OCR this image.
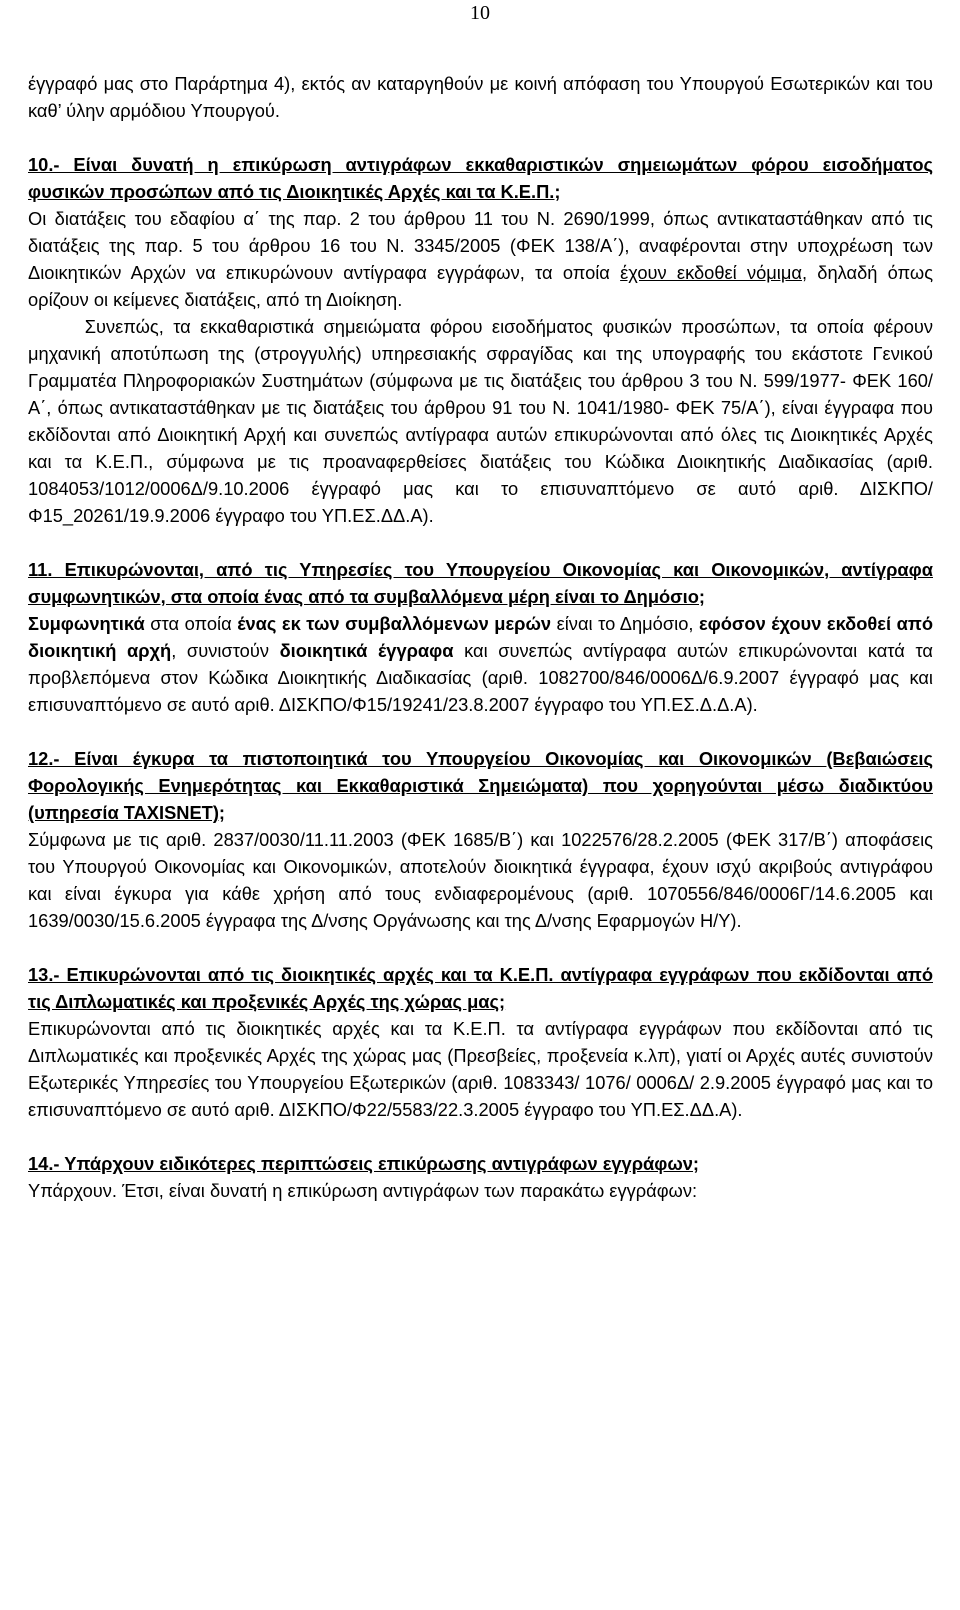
10

έγγραφό μας στο Παράρτημα 4), εκτός αν καταργηθούν με κοινή απόφαση του Υπουργού Εσωτερικών και του καθ’ ύλην αρμόδιου Υπουργού.

10.- Είναι δυνατή η επικύρωση αντιγράφων εκκαθαριστικών σημειωμάτων φόρου εισοδήματος φυσικών προσώπων από τις Διοικητικές Αρχές και τα Κ.Ε.Π.;

Οι διατάξεις του εδαφίου α΄ της παρ. 2 του άρθρου 11 του Ν. 2690/1999, όπως αντικαταστάθηκαν από τις διατάξεις της παρ. 5 του άρθρου 16 του Ν. 3345/2005 (ΦΕΚ 138/Α΄), αναφέρονται στην υποχρέωση των Διοικητικών Αρχών να επικυρώνουν αντίγραφα εγγράφων, τα οποία έχουν εκδοθεί νόμιμα, δηλαδή όπως ορίζουν οι κείμενες διατάξεις, από τη Διοίκηση.

Συνεπώς, τα εκκαθαριστικά σημειώματα φόρου εισοδήματος φυσικών προσώπων, τα οποία φέρουν μηχανική αποτύπωση της (στρογγυλής) υπηρεσιακής σφραγίδας και της υπογραφής του εκάστοτε Γενικού Γραμματέα Πληροφοριακών Συστημάτων (σύμφωνα με τις διατάξεις του άρθρου 3 του Ν. 599/1977- ΦΕΚ 160/Α΄, όπως αντικαταστάθηκαν με τις διατάξεις του άρθρου 91 του Ν. 1041/1980- ΦΕΚ 75/Α΄), είναι έγγραφα που εκδίδονται από Διοικητική Αρχή και συνεπώς αντίγραφα αυτών επικυρώνονται από όλες τις Διοικητικές Αρχές και τα Κ.Ε.Π., σύμφωνα με τις προαναφερθείσες διατάξεις του Κώδικα Διοικητικής Διαδικασίας (αριθ. 1084053/1012/0006Δ/9.10.2006 έγγραφό μας και το επισυναπτόμενο σε αυτό αριθ. ΔΙΣΚΠΟ/Φ15_20261/19.9.2006 έγγραφο του ΥΠ.ΕΣ.ΔΔ.Α).

11. Επικυρώνονται, από τις Υπηρεσίες του Υπουργείου Οικονομίας και Οικονομικών, αντίγραφα συμφωνητικών, στα οποία ένας από τα συμβαλλόμενα μέρη είναι το Δημόσιο;

Συμφωνητικά στα οποία ένας εκ των συμβαλλόμενων μερών είναι το Δημόσιο, εφόσον έχουν εκδοθεί από διοικητική αρχή, συνιστούν διοικητικά έγγραφα και συνεπώς αντίγραφα αυτών επικυρώνονται κατά τα προβλεπόμενα στον Κώδικα Διοικητικής Διαδικασίας (αριθ. 1082700/846/0006Δ/6.9.2007 έγγραφό μας και επισυναπτόμενο σε αυτό αριθ. ΔΙΣΚΠΟ/Φ15/19241/23.8.2007 έγγραφο του ΥΠ.ΕΣ.Δ.Δ.Α).

12.- Είναι έγκυρα τα πιστοποιητικά του Υπουργείου Οικονομίας και Οικονομικών (Βεβαιώσεις Φορολογικής Ενημερότητας και Εκκαθαριστικά Σημειώματα) που χορηγούνται μέσω διαδικτύου (υπηρεσία TAXISNET);

Σύμφωνα με τις αριθ. 2837/0030/11.11.2003 (ΦΕΚ 1685/Β΄) και 1022576/28.2.2005 (ΦΕΚ 317/Β΄) αποφάσεις του Υπουργού Οικονομίας και Οικονομικών, αποτελούν διοικητικά έγγραφα, έχουν ισχύ ακριβούς αντιγράφου και είναι έγκυρα για κάθε χρήση από τους ενδιαφερομένους (αριθ. 1070556/846/0006Γ/14.6.2005 και 1639/0030/15.6.2005 έγγραφα της Δ/νσης Οργάνωσης και της Δ/νσης Εφαρμογών Η/Υ).

13.- Επικυρώνονται από τις διοικητικές αρχές και τα Κ.Ε.Π. αντίγραφα εγγράφων που εκδίδονται από τις Διπλωματικές και προξενικές Αρχές της χώρας μας;

Επικυρώνονται από τις διοικητικές αρχές και τα Κ.Ε.Π. τα αντίγραφα εγγράφων που εκδίδονται από τις Διπλωματικές και προξενικές Αρχές της χώρας μας (Πρεσβείες, προξενεία κ.λπ), γιατί οι Αρχές αυτές συνιστούν Εξωτερικές Υπηρεσίες του Υπουργείου Εξωτερικών (αριθ. 1083343/ 1076/ 0006Δ/ 2.9.2005 έγγραφό μας και το επισυναπτόμενο σε αυτό αριθ. ΔΙΣΚΠΟ/Φ22/5583/22.3.2005 έγγραφο του ΥΠ.ΕΣ.ΔΔ.Α).

14.- Υπάρχουν ειδικότερες περιπτώσεις επικύρωσης αντιγράφων εγγράφων;

Υπάρχουν. Έτσι, είναι δυνατή η επικύρωση αντιγράφων των παρακάτω εγγράφων:
